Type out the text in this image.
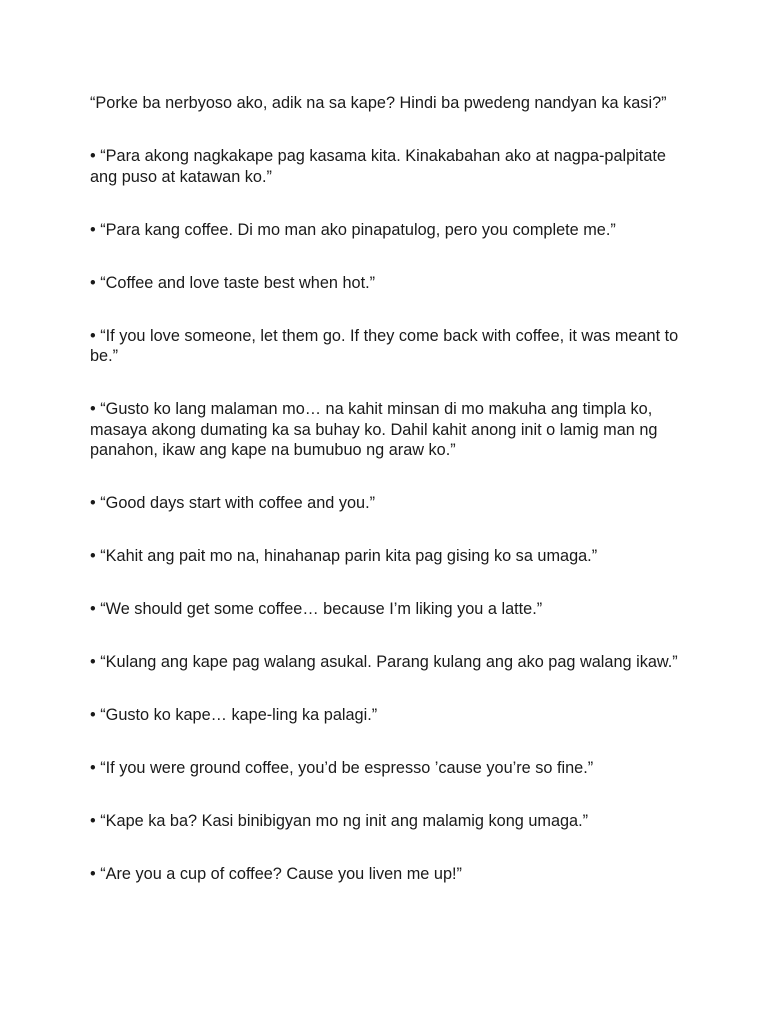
“Porke ba nerbyoso ako, adik na sa kape? Hindi ba pwedeng nandyan ka kasi?”

• “Para akong nagkakape pag kasama kita. Kinakabahan ako at nagpa-palpitate ang puso at katawan ko.”

• “Para kang coffee. Di mo man ako pinapatulog, pero you complete me.”

• “Coffee and love taste best when hot.”

• “If you love someone, let them go. If they come back with coffee, it was meant to be.”

• “Gusto ko lang malaman mo… na kahit minsan di mo makuha ang timpla ko, masaya akong dumating ka sa buhay ko. Dahil kahit anong init o lamig man ng panahon, ikaw ang kape na bumubuo ng araw ko.”

• “Good days start with coffee and you.”

• “Kahit ang pait mo na, hinahanap parin kita pag gising ko sa umaga.”

• “We should get some coffee… because I’m liking you a latte.”

• “Kulang ang kape pag walang asukal. Parang kulang ang ako pag walang ikaw.”

• “Gusto ko kape… kape-ling ka palagi.”

• “If you were ground coffee, you’d be espresso ’cause you’re so fine.”

• “Kape ka ba? Kasi binibigyan mo ng init ang malamig kong umaga.”

• “Are you a cup of coffee? Cause you liven me up!”
